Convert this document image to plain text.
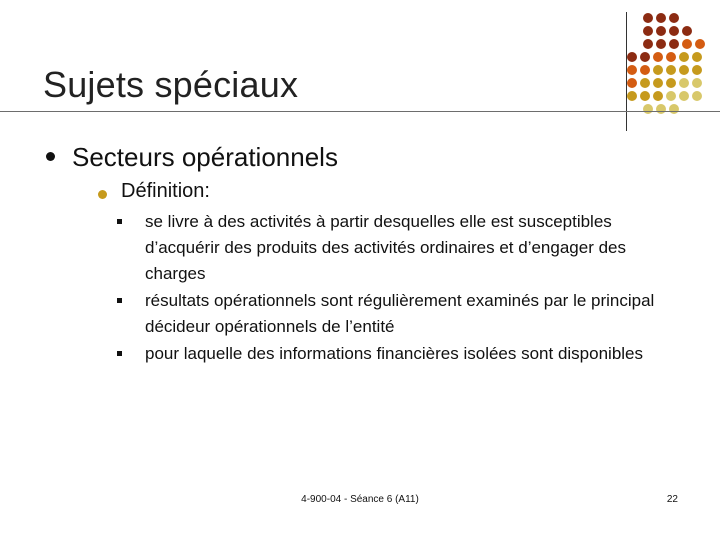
Sujets spéciaux
Secteurs opérationnels
Définition:
se livre à des activités à partir desquelles elle est susceptibles d’acquérir des produits des activités ordinaires et d’engager des charges
résultats opérationnels sont régulièrement examinés par le principal décideur opérationnels de l’entité
pour laquelle des informations financières isolées sont disponibles
4-900-04 - Séance 6 (A11)	22
